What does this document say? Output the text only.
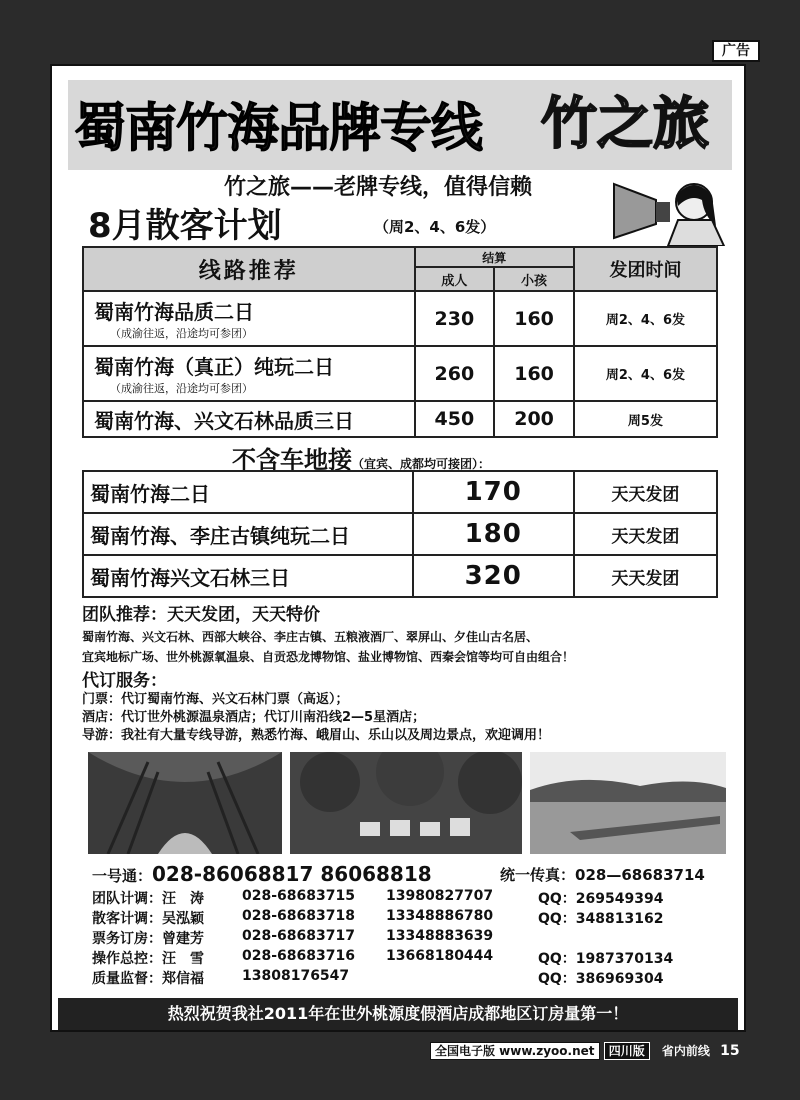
广告
蜀南竹海品牌专线	竹之旅
竹之旅——老牌专线，值得信赖
8月散客计划	（周2、4、6发）
线路推荐	结算		发团时间
	成人	小孩	

蜀南竹海品质二日
（成渝往返，沿途均可参团）	230	160	周2、4、6发

蜀南竹海（真正）纯玩二日
（成渝往返，沿途均可参团）	260	160	周2、4、6发

蜀南竹海、兴文石林品质三日	450	200	周5发
不含车地接（宜宾、成都均可接团）：
蜀南竹海二日	170	天天发团
蜀南竹海、李庄古镇纯玩二日	180	天天发团
蜀南竹海兴文石林三日	320	天天发团
团队推荐：天天发团，天天特价
蜀南竹海、兴文石林、西部大峡谷、李庄古镇、五粮液酒厂、翠屏山、夕佳山古名居、
宜宾地标广场、世外桃源氧温泉、自贡恐龙博物馆、盐业博物馆、西秦会馆等均可自由组合！
代订服务：
门票：代订蜀南竹海、兴文石林门票（高返）；
酒店：代订世外桃源温泉酒店；代订川南沿线2—5星酒店；
导游：我社有大量专线导游，熟悉竹海、峨眉山、乐山以及周边景点，欢迎调用！
一号通：028-86068817 86068818	统一传真：028—68683714
团队计调：汪　涛	028-68683715 13980827707	QQ：269549394
散客计调：吴泓颖	028-68683718 13348886780	QQ：348813162
票务订房：曾建芳	028-68683717 13348883639
操作总控：汪　雪	028-68683716 13668180444	QQ：1987370134
质量监督：郑信福	13808176547	QQ：386969304
热烈祝贺我社2011年在世外桃源度假酒店成都地区订房量第一！
全国电子版 www.zyoo.net 四川版 省内前线 15
